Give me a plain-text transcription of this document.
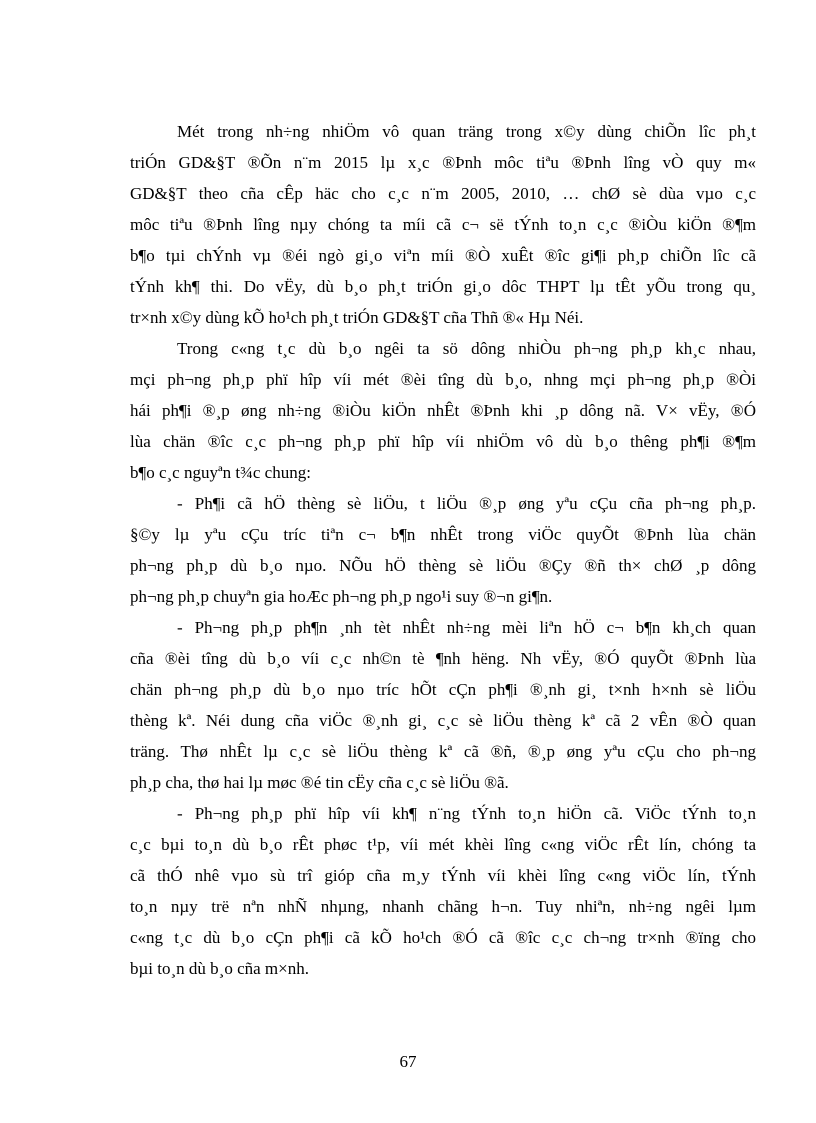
Mét trong nh÷ng nhiÖm vô quan träng trong x©y dùng chiÕn lîc ph¸t
triÓn GD&§T ®Õn n¨m 2015 lµ x¸c ®Þnh môc tiªu ®Þnh lîng vÒ quy m«
GD&§T theo cña cÊp häc cho c¸c n¨m 2005, 2010, … chØ sè dùa vµo c¸c
môc tiªu ®Þnh lîng nµy chóng ta míi cã c¬ së tÝnh to¸n c¸c ®iÒu kiÖn ®¶m
b¶o tµi chÝnh vµ ®éi ngò gi¸o viªn míi ®Ò xuÊt ®îc gi¶i ph¸p chiÕn lîc cã
tÝnh kh¶ thi. Do vËy, dù b¸o ph¸t triÓn gi¸o dôc THPT lµ tÊt yÕu trong qu¸
tr×nh x©y dùng kÕ ho¹ch ph¸t triÓn GD&§T cña Thñ ®« Hµ Néi.
Trong c«ng t¸c dù b¸o ngêi ta sö dông nhiÒu ph¬ng ph¸p kh¸c nhau,
mçi ph¬ng ph¸p phï hîp víi mét ®èi tîng dù b¸o, nhng mçi ph¬ng ph¸p ®Òi
hái ph¶i ®¸p øng nh÷ng ®iÒu kiÖn nhÊt ®Þnh khi ¸p dông nã. V× vËy, ®Ó
lùa chän ®îc c¸c ph¬ng ph¸p phï hîp víi nhiÖm vô dù b¸o thêng ph¶i ®¶m
b¶o c¸c nguyªn t¾c chung:
- Ph¶i cã hÖ thèng sè liÖu, t liÖu ®¸p øng yªu cÇu cña ph¬ng ph¸p.
§©y lµ yªu cÇu tríc tiªn c¬ b¶n nhÊt trong viÖc quyÕt ®Þnh lùa chän
ph¬ng ph¸p dù b¸o nµo. NÕu hÖ thèng sè liÖu ®Çy ®ñ th× chØ ¸p dông
ph¬ng ph¸p chuyªn gia hoÆc ph¬ng ph¸p ngo¹i suy ®¬n gi¶n.
- Ph¬ng ph¸p ph¶n ¸nh tèt nhÊt nh÷ng mèi liªn hÖ c¬ b¶n kh¸ch quan
cña ®èi tîng dù b¸o víi c¸c nh©n tè ¶nh hëng. Nh vËy, ®Ó quyÕt ®Þnh lùa
chän ph¬ng ph¸p dù b¸o nµo tríc hÕt cÇn ph¶i ®¸nh gi¸ t×nh h×nh sè liÖu
thèng kª. Néi dung cña viÖc ®¸nh gi¸ c¸c sè liÖu thèng kª cã 2 vÊn ®Ò quan
träng. Thø nhÊt lµ c¸c sè liÖu thèng kª cã ®ñ, ®¸p øng yªu cÇu cho ph¬ng
ph¸p cha, thø hai lµ møc ®é tin cËy cña c¸c sè liÖu ®ã.
- Ph¬ng ph¸p phï hîp víi kh¶ n¨ng tÝnh to¸n hiÖn cã. ViÖc tÝnh to¸n
c¸c bµi to¸n dù b¸o rÊt phøc t¹p, víi mét khèi lîng c«ng viÖc rÊt lín, chóng ta
cã thÓ nhê vµo sù trî gióp cña m¸y tÝnh víi khèi lîng c«ng viÖc lín, tÝnh
to¸n nµy trë nªn nhÑ nhµng, nhanh chãng h¬n. Tuy nhiªn, nh÷ng ngêi lµm
c«ng t¸c dù b¸o cÇn ph¶i cã kÕ ho¹ch ®Ó cã ®îc c¸c ch¬ng tr×nh ®ïng cho
bµi to¸n dù b¸o cña m×nh.
67
